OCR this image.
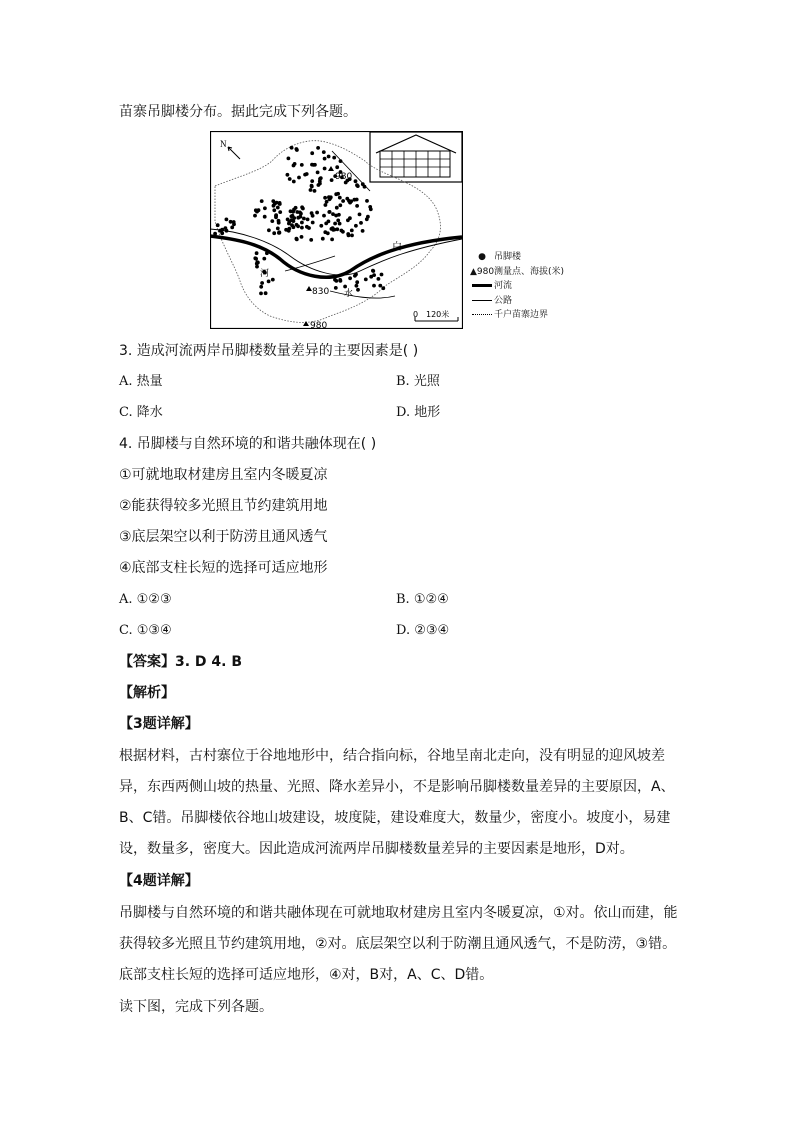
苗寨吊脚楼分布。据此完成下列各题。
N
980
830 水
980
白
河
0 120米
● 吊脚楼
▲980 测量点、海拔(米)
河流
公路
千户苗寨边界
3. 造成河流两岸吊脚楼数量差异的主要因素是( )
A. 热量	B. 光照
C. 降水	D. 地形
4. 吊脚楼与自然环境的和谐共融体现在( )
①可就地取材建房且室内冬暖夏凉
②能获得较多光照且节约建筑用地
③底层架空以利于防涝且通风透气
④底部支柱长短的选择可适应地形
A. ①②③	B. ①②④
C. ①③④	D. ②③④
【答案】3. D 4. B
【解析】
【3题详解】
根据材料，古村寨位于谷地地形中，结合指向标，谷地呈南北走向，没有明显的迎风坡差异，东西两侧山坡的热量、光照、降水差异小，不是影响吊脚楼数量差异的主要原因，A、B、C错。吊脚楼依谷地山坡建设，坡度陡，建设难度大，数量少，密度小。坡度小，易建设，数量多，密度大。因此造成河流两岸吊脚楼数量差异的主要因素是地形，D对。
【4题详解】
吊脚楼与自然环境的和谐共融体现在可就地取材建房且室内冬暖夏凉，①对。依山而建，能获得较多光照且节约建筑用地，②对。底层架空以利于防潮且通风透气，不是防涝，③错。底部支柱长短的选择可适应地形，④对，B对，A、C、D错。
读下图，完成下列各题。
